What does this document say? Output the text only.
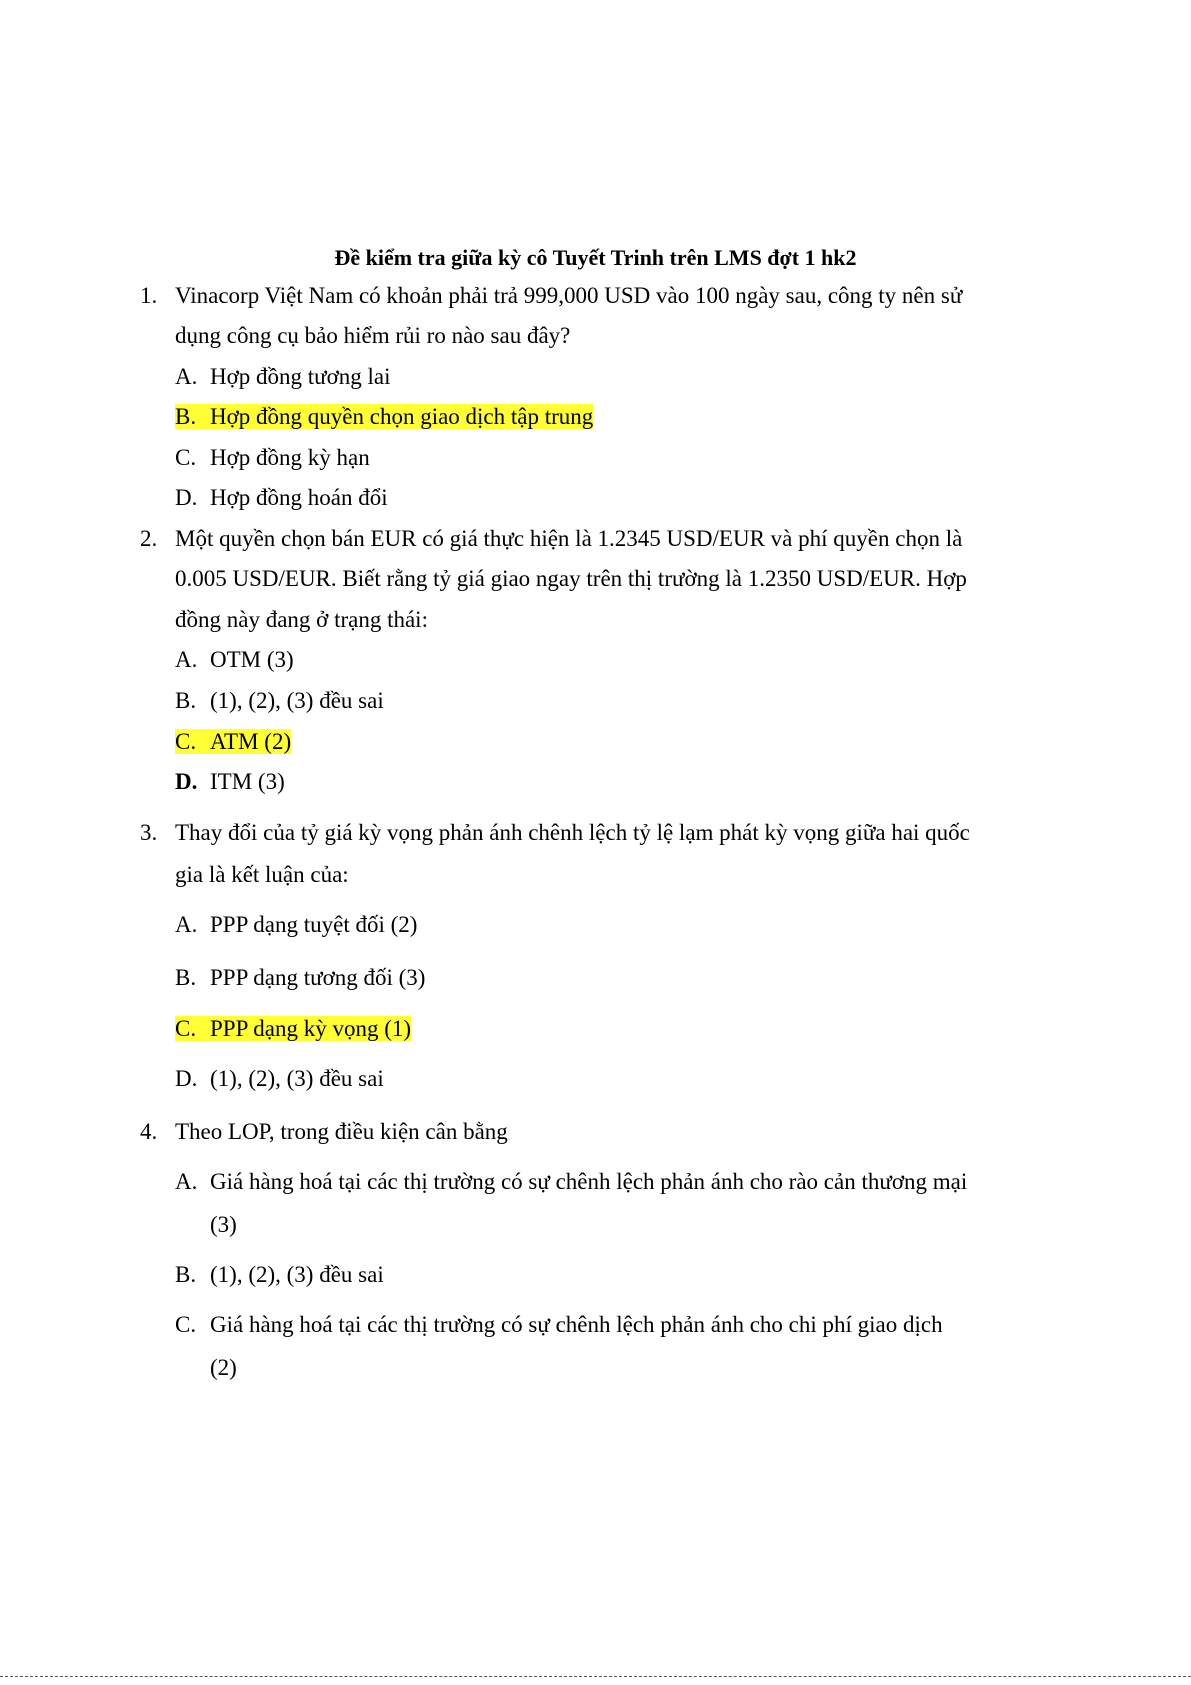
Đề kiểm tra giữa kỳ cô Tuyết Trinh trên LMS đợt 1 hk2
1. Vinacorp Việt Nam có khoản phải trả 999,000 USD vào 100 ngày sau, công ty nên sử
dụng công cụ bảo hiểm rủi ro nào sau đây?
A. Hợp đồng tương lai
B. Hợp đồng quyền chọn giao dịch tập trung
C. Hợp đồng kỳ hạn
D. Hợp đồng hoán đổi
2. Một quyền chọn bán EUR có giá thực hiện là 1.2345 USD/EUR và phí quyền chọn là
0.005 USD/EUR. Biết rằng tỷ giá giao ngay trên thị trường là 1.2350 USD/EUR. Hợp
đồng này đang ở trạng thái:
A. OTM (3)
B. (1), (2), (3) đều sai
C. ATM (2)
D. ITM (3)
3. Thay đổi của tỷ giá kỳ vọng phản ánh chênh lệch tỷ lệ lạm phát kỳ vọng giữa hai quốc
gia là kết luận của:
A. PPP dạng tuyệt đối (2)
B. PPP dạng tương đối (3)
C. PPP dạng kỳ vọng (1)
D. (1), (2), (3) đều sai
4. Theo LOP, trong điều kiện cân bằng
A. Giá hàng hoá tại các thị trường có sự chênh lệch phản ánh cho rào cản thương mại
(3)
B. (1), (2), (3) đều sai
C. Giá hàng hoá tại các thị trường có sự chênh lệch phản ánh cho chi phí giao dịch
(2)
